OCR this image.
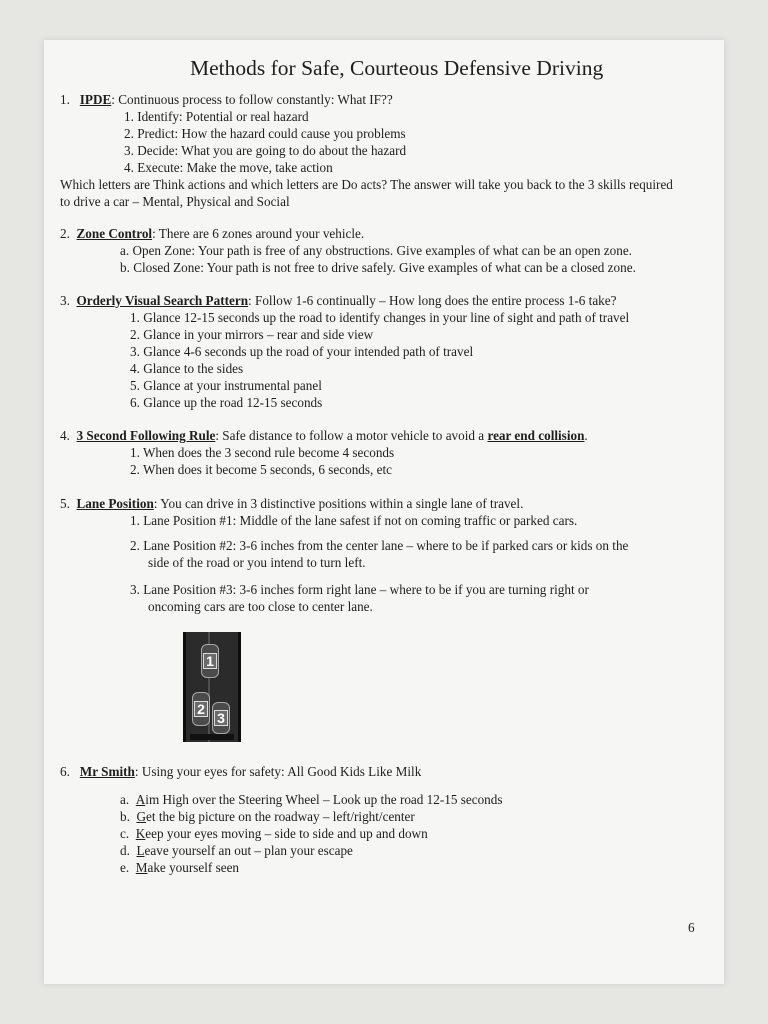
Methods for Safe, Courteous Defensive Driving
1. IPDE: Continuous process to follow constantly: What IF??
1. Identify: Potential or real hazard
2. Predict: How the hazard could cause you problems
3. Decide: What you are going to do about the hazard
4. Execute: Make the move, take action
Which letters are Think actions and which letters are Do acts? The answer will take you back to the 3 skills required
to drive a car – Mental, Physical and Social
2. Zone Control: There are 6 zones around your vehicle.
a. Open Zone: Your path is free of any obstructions. Give examples of what can be an open zone.
b. Closed Zone: Your path is not free to drive safely. Give examples of what can be a closed zone.
3. Orderly Visual Search Pattern: Follow 1-6 continually – How long does the entire process 1-6 take?
1. Glance 12-15 seconds up the road to identify changes in your line of sight and path of travel
2. Glance in your mirrors – rear and side view
3. Glance 4-6 seconds up the road of your intended path of travel
4. Glance to the sides
5. Glance at your instrumental panel
6. Glance up the road 12-15 seconds
4. 3 Second Following Rule: Safe distance to follow a motor vehicle to avoid a rear end collision.
1. When does the 3 second rule become 4 seconds
2. When does it become 5 seconds, 6 seconds, etc
5. Lane Position: You can drive in 3 distinctive positions within a single lane of travel.
1. Lane Position #1: Middle of the lane safest if not on coming traffic or parked cars.
2. Lane Position #2: 3-6 inches from the center lane – where to be if parked cars or kids on the
side of the road or you intend to turn left.
3. Lane Position #3: 3-6 inches form right lane – where to be if you are turning right or
oncoming cars are too close to center lane.
1
2
3
6. Mr Smith: Using your eyes for safety: All Good Kids Like Milk
a. Aim High over the Steering Wheel – Look up the road 12-15 seconds
b. Get the big picture on the roadway – left/right/center
c. Keep your eyes moving – side to side and up and down
d. Leave yourself an out – plan your escape
e. Make yourself seen
6
